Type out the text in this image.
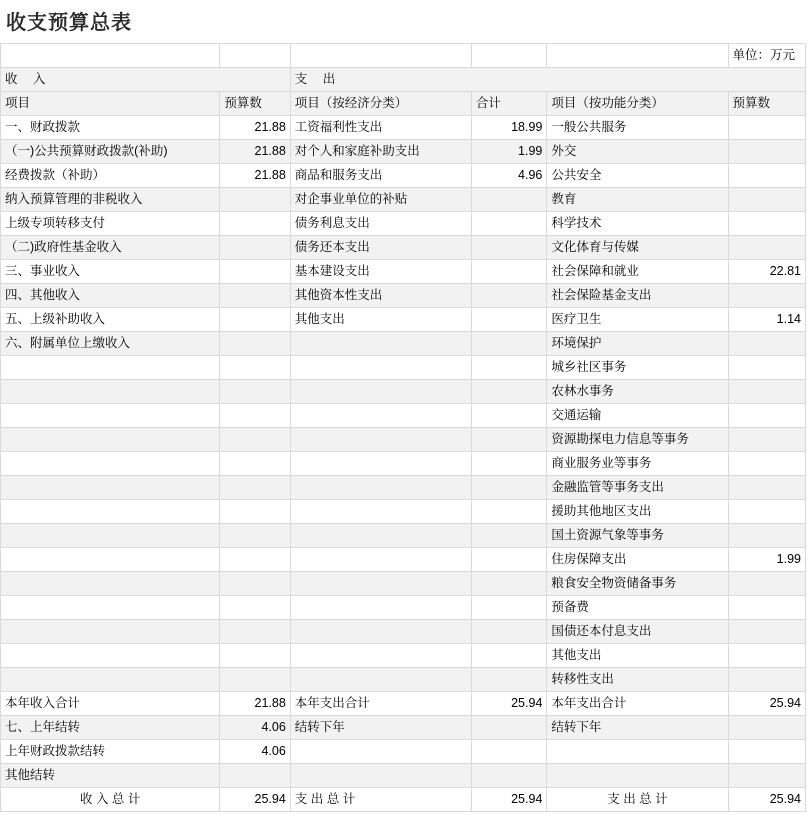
收支预算总表
					单位：万元
收 入		支 出			
项目	预算数	项目（按经济分类）	合计	项目（按功能分类）	预算数
一、财政拨款	21.88	工资福利性支出	18.99	一般公共服务	
（一)公共预算财政拨款(补助)	21.88	对个人和家庭补助支出	1.99	外交	
经费拨款（补助）	21.88	商品和服务支出	4.96	公共安全	
纳入预算管理的非税收入		对企事业单位的补贴		教育	
上级专项转移支付		债务利息支出		科学技术	
（二)政府性基金收入		债务还本支出		文化体育与传媒	
三、事业收入		基本建设支出		社会保障和就业	22.81
四、其他收入		其他资本性支出		社会保险基金支出	
五、上级补助收入		其他支出		医疗卫生	1.14
六、附属单位上缴收入				环境保护	
				城乡社区事务	
				农林水事务	
				交通运输	
				资源勘探电力信息等事务	
				商业服务业等事务	
				金融监管等事务支出	
				援助其他地区支出	
				国土资源气象等事务	
				住房保障支出	1.99
				粮食安全物资储备事务	
				预备费	
				国债还本付息支出	
				其他支出	
				转移性支出	
本年收入合计	21.88	本年支出合计	25.94	本年支出合计	25.94
七、上年结转	4.06	结转下年		结转下年	
上年财政拨款结转	4.06				
其他结转					
收 入 总 计	25.94	支 出 总 计	25.94	支 出 总 计	25.94
